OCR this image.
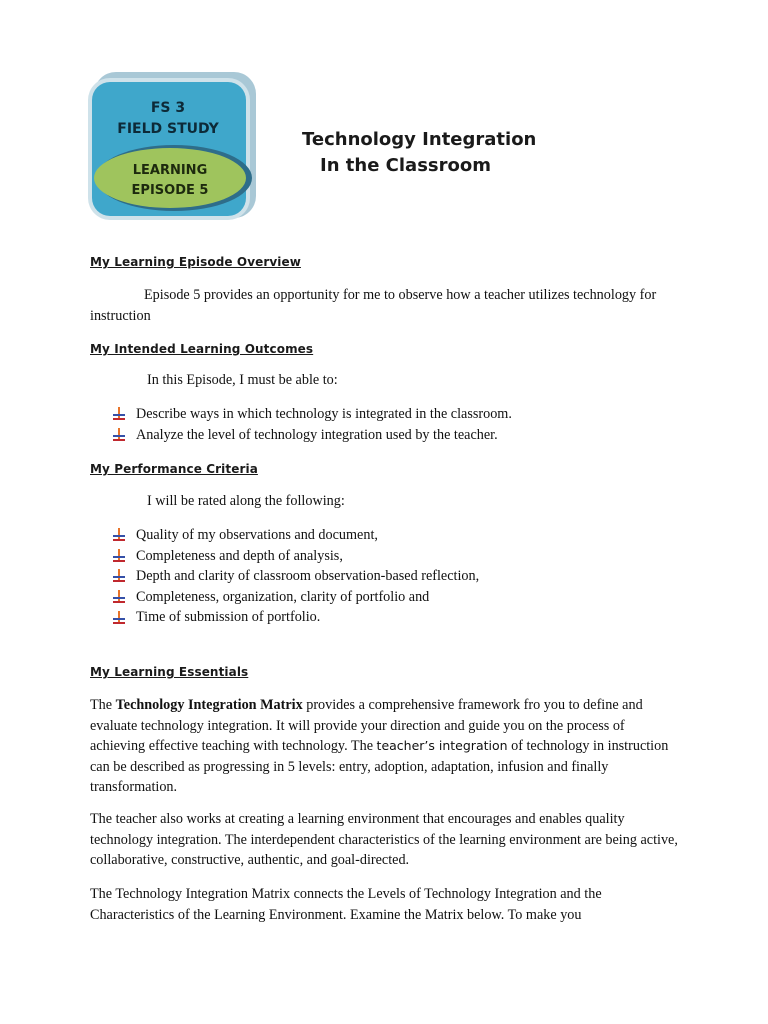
FS 3
FIELD STUDY
LEARNING
EPISODE 5
Technology Integration
In the Classroom
My Learning Episode Overview
Episode 5 provides an opportunity for me to observe how a teacher utilizes technology for instruction
My Intended Learning Outcomes
In this Episode, I must be able to:
Describe ways in which technology is integrated in the classroom.
Analyze the level of technology integration used by the teacher.
My Performance Criteria
I will be rated along the following:
Quality of my observations and document,
Completeness and depth of analysis,
Depth and clarity of classroom observation-based reflection,
Completeness, organization, clarity of portfolio and
Time of submission of portfolio.
My Learning Essentials
The Technology Integration Matrix provides a comprehensive framework fro you to define and evaluate technology integration. It will provide your direction and guide you on the process of achieving effective teaching with technology. The teacher’s integration of technology in instruction can be described as progressing in 5 levels: entry, adoption, adaptation, infusion and finally transformation.
The teacher also works at creating a learning environment that encourages and enables quality technology integration. The interdependent characteristics of the learning environment are being active, collaborative, constructive, authentic, and goal-directed.
The Technology Integration Matrix connects the Levels of Technology Integration and the Characteristics of the Learning Environment. Examine the Matrix below. To make you
